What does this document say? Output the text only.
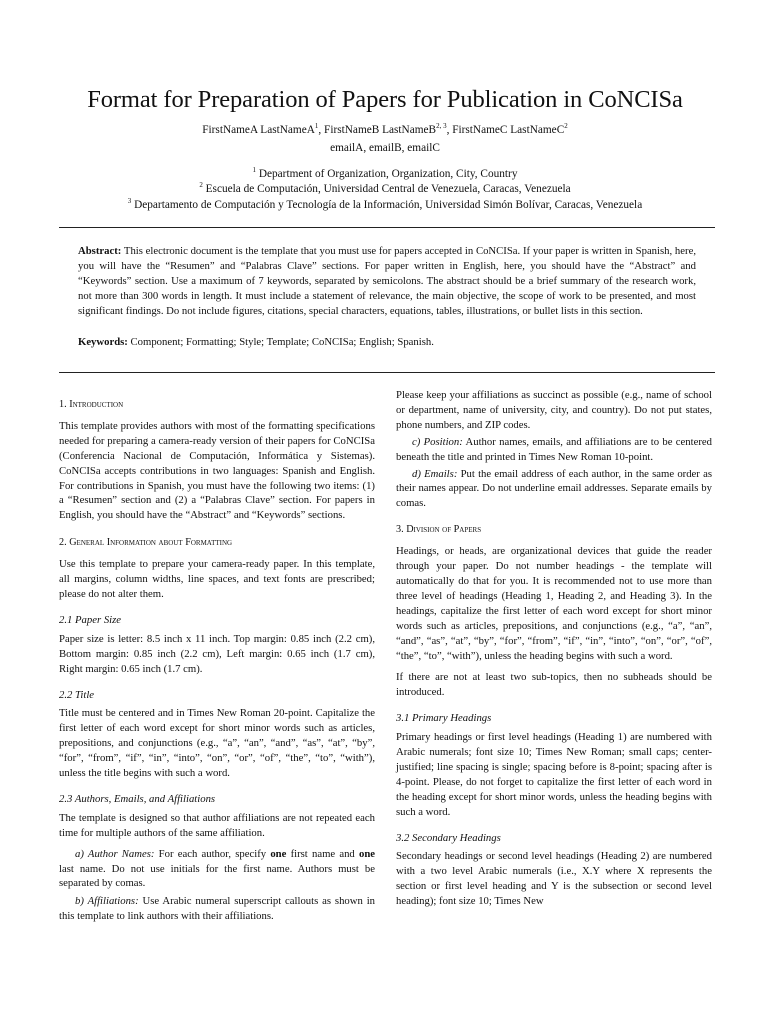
Format for Preparation of Papers for Publication in CoNCISa
FirstNameA LastNameA$^1$, FirstNameB LastNameB$^{2, 3}$, FirstNameC LastNameC$^2$
emailA, emailB, emailC
$^1$ Department of Organization, Organization, City, Country
$^2$ Escuela de Computación, Universidad Central de Venezuela, Caracas, Venezuela
$^3$ Departamento de Computación y Tecnología de la Información, Universidad Simón Bolívar, Caracas, Venezuela
Abstract: This electronic document is the template that you must use for papers accepted in CoNCISa. If your paper is written in Spanish, here, you will have the “Resumen” and “Palabras Clave” sections. For paper written in English, here, you should have the “Abstract” and “Keywords” section. Use a maximum of 7 keywords, separated by semicolons. The abstract should be a brief summary of the research work, not more than 300 words in length. It must include a statement of relevance, the main objective, the scope of work to be presented, and most significant findings. Do not include figures, citations, special characters, equations, tables, illustrations, or bullet lists in this section.
Keywords: Component; Formatting; Style; Template; CoNCISa; English; Spanish.

1. Introduction

This template provides authors with most of the formatting specifications needed for preparing a camera-ready version of their papers for CoNCISa (Conferencia Nacional de Computación, Informática y Sistemas). CoNCISa accepts contributions in two languages: Spanish and English. For contributions in Spanish, you must have the following two items: (1) a “Resumen” section and (2) a “Palabras Clave” section. For papers in English, you should have the “Abstract” and “Keywords” sections.

2. General Information about Formatting

Use this template to prepare your camera-ready paper. In this template, all margins, column widths, line spaces, and text fonts are prescribed; please do not alter them.

2.1 Paper Size

Paper size is letter: 8.5 inch x 11 inch. Top margin: 0.85 inch (2.2 cm), Bottom margin: 0.85 inch (2.2 cm), Left margin: 0.65 inch (1.7 cm), Right margin: 0.65 inch (1.7 cm).

2.2 Title

Title must be centered and in Times New Roman 20-point. Capitalize the first letter of each word except for short minor words such as articles, prepositions, and conjunctions (e.g., “a”, “an”, “and”, “as”, “at”, “by”, “for”, “from”, “if”, “in”, “into”, “on”, “or”, “of”, “the”, “to”, “with”), unless the title begins with such a word.

2.3 Authors, Emails, and Affiliations

The template is designed so that author affiliations are not repeated each time for multiple authors of the same affiliation.

a) Author Names: For each author, specify one first name and one last name. Do not use initials for the first name. Authors must be separated by comas.

b) Affiliations: Use Arabic numeral superscript callouts as shown in this template to link authors with their affiliations.

Please keep your affiliations as succinct as possible (e.g., name of school or department, name of university, city, and country). Do not put states, phone numbers, and ZIP codes.

c) Position: Author names, emails, and affiliations are to be centered beneath the title and printed in Times New Roman 10-point.

d) Emails: Put the email address of each author, in the same order as their names appear. Do not underline email addresses. Separate emails by comas.

3. Division of Papers

Headings, or heads, are organizational devices that guide the reader through your paper. Do not number headings - the template will automatically do that for you. It is recommended not to use more than three level of headings (Heading 1, Heading 2, and Heading 3). In the headings, capitalize the first letter of each word except for short minor words such as articles, prepositions, and conjunctions (e.g., “a”, “an”, “and”, “as”, “at”, “by”, “for”, “from”, “if”, “in”, “into”, “on”, “or”, “of”, “the”, “to”, “with”), unless the heading begins with such a word.

If there are not at least two sub-topics, then no subheads should be introduced.

3.1 Primary Headings

Primary headings or first level headings (Heading 1) are numbered with Arabic numerals; font size 10; Times New Roman; small caps; center-justified; line spacing is single; spacing before is 8-point; spacing after is 4-point. Please, do not forget to capitalize the first letter of each word in the heading except for short minor words, unless the heading begins with such a word.

3.2 Secondary Headings

Secondary headings or second level headings (Heading 2) are numbered with a two level Arabic numerals (i.e., X.Y where X represents the section or first level heading and Y is the subsection or second level heading); font size 10; Times New
